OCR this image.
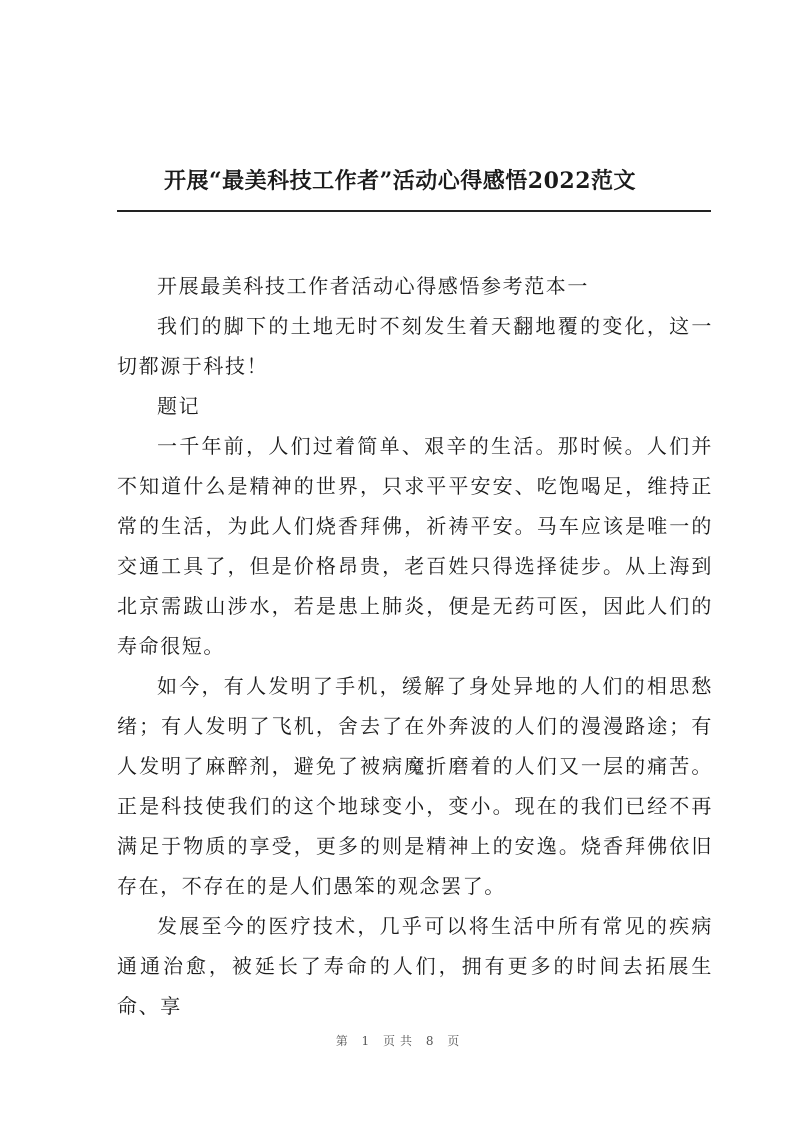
开展“最美科技工作者”活动心得感悟2022范文

开展最美科技工作者活动心得感悟参考范本一

我们的脚下的土地无时不刻发生着天翻地覆的变化，这一切都源于科技！

题记

一千年前，人们过着简单、艰辛的生活。那时候。人们并不知道什么是精神的世界，只求平平安安、吃饱喝足，维持正常的生活，为此人们烧香拜佛，祈祷平安。马车应该是唯一的交通工具了，但是价格昂贵，老百姓只得选择徒步。从上海到北京需跋山涉水，若是患上肺炎，便是无药可医，因此人们的寿命很短。

如今，有人发明了手机，缓解了身处异地的人们的相思愁绪；有人发明了飞机，舍去了在外奔波的人们的漫漫路途；有人发明了麻醉剂，避免了被病魔折磨着的人们又一层的痛苦。正是科技使我们的这个地球变小，变小。现在的我们已经不再满足于物质的享受，更多的则是精神上的安逸。烧香拜佛依旧存在，不存在的是人们愚笨的观念罢了。

发展至今的医疗技术，几乎可以将生活中所有常见的疾病通通治愈，被延长了寿命的人们，拥有更多的时间去拓展生命、享

第 1 页共 8 页
